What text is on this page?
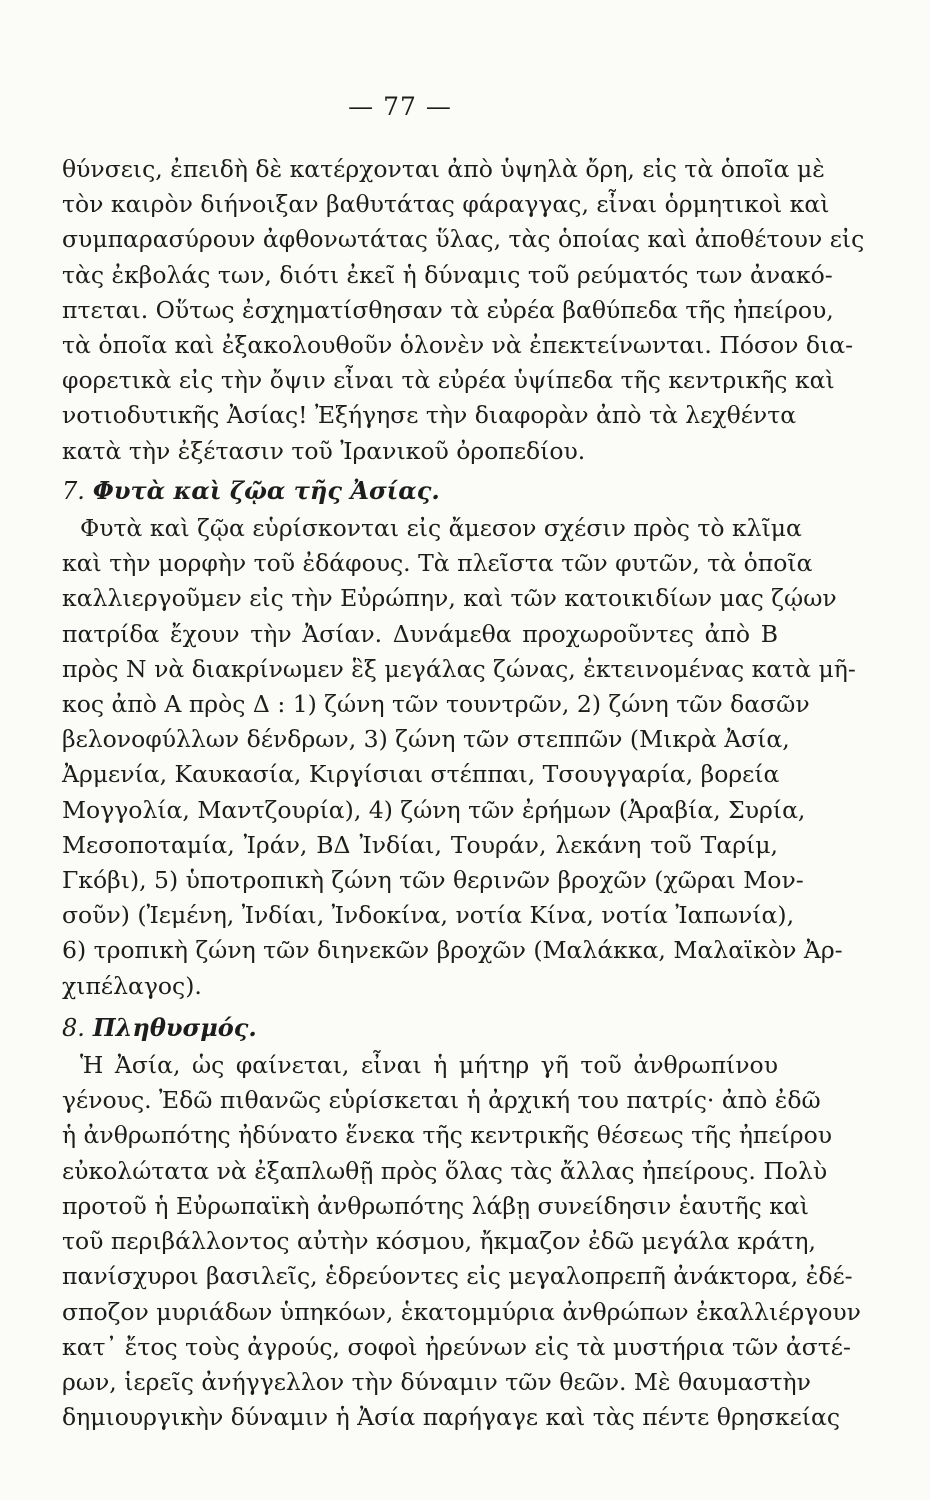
— 77 —
θύνσεις, ἐπειδὴ δὲ κατέρχονται ἀπὸ ὑψηλὰ ὄρη, εἰς τὰ ὁποῖα μὲ
τὸν καιρὸν διήνοιξαν βαθυτάτας φάραγγας, εἶναι ὁρμητικοὶ καὶ
συμπαρασύρουν ἀφθονωτάτας ὕλας, τὰς ὁποίας καὶ ἀποθέτουν εἰς
τὰς ἐκβολάς των, διότι ἐκεῖ ἡ δύναμις τοῦ ρεύματός των ἀνακό-
πτεται. Οὕτως ἐσχηματίσθησαν τὰ εὐρέα βαθύπεδα τῆς ἠπείρου,
τὰ ὁποῖα καὶ ἐξακολουθοῦν ὁλονὲν νὰ ἐπεκτείνωνται. Πόσον δια-
φορετικὰ εἰς τὴν ὄψιν εἶναι τὰ εὐρέα ὑψίπεδα τῆς κεντρικῆς καὶ
νοτιοδυτικῆς Ἀσίας! Ἐξήγησε τὴν διαφορὰν ἀπὸ τὰ λεχθέντα
κατὰ τὴν ἐξέτασιν τοῦ Ἰρανικοῦ ὀροπεδίου.
7. Φυτὰ καὶ ζῷα τῆς Ἀσίας.
Φυτὰ καὶ ζῷα εὑρίσκονται εἰς ἄμεσον σχέσιν πρὸς τὸ κλῖμα
καὶ τὴν μορφὴν τοῦ ἐδάφους. Τὰ πλεῖστα τῶν φυτῶν, τὰ ὁποῖα
καλλιεργοῦμεν εἰς τὴν Εὐρώπην, καὶ τῶν κατοικιδίων μας ζῴων
πατρίδα ἔχουν τὴν Ἀσίαν. Δυνάμεθα προχωροῦντες ἀπὸ Β
πρὸς Ν νὰ διακρίνωμεν ἓξ μεγάλας ζώνας, ἐκτεινομένας κατὰ μῆ-
κος ἀπὸ Α πρὸς Δ : 1) ζώνη τῶν τουντρῶν, 2) ζώνη τῶν δασῶν
βελονοφύλλων δένδρων, 3) ζώνη τῶν στεππῶν (Μικρὰ Ἀσία,
Ἀρμενία, Καυκασία, Κιργίσιαι στέππαι, Τσουγγαρία, βορεία
Μογγολία, Μαντζουρία), 4) ζώνη τῶν ἐρήμων (Ἀραβία, Συρία,
Μεσοποταμία, Ἰράν, ΒΔ Ἰνδίαι, Τουράν, λεκάνη τοῦ Ταρίμ,
Γκόβι), 5) ὑποτροπικὴ ζώνη τῶν θερινῶν βροχῶν (χῶραι Μον-
σοῦν) (Ἰεμένη, Ἰνδίαι, Ἰνδοκίνα, νοτία Κίνα, νοτία Ἰαπωνία),
6) τροπικὴ ζώνη τῶν διηνεκῶν βροχῶν (Μαλάκκα, Μαλαϊκὸν Ἀρ-
χιπέλαγος).
8. Πληθυσμός.
Ἡ Ἀσία, ὡς φαίνεται, εἶναι ἡ μήτηρ γῆ τοῦ ἀνθρωπίνου
γένους. Ἐδῶ πιθανῶς εὑρίσκεται ἡ ἀρχική του πατρίς· ἀπὸ ἐδῶ
ἡ ἀνθρωπότης ἠδύνατο ἕνεκα τῆς κεντρικῆς θέσεως τῆς ἠπείρου
εὐκολώτατα νὰ ἐξαπλωθῇ πρὸς ὅλας τὰς ἄλλας ἠπείρους. Πολὺ
προτοῦ ἡ Εὐρωπαϊκὴ ἀνθρωπότης λάβῃ συνείδησιν ἑαυτῆς καὶ
τοῦ περιβάλλοντος αὐτὴν κόσμου, ἤκμαζον ἐδῶ μεγάλα κράτη,
πανίσχυροι βασιλεῖς, ἑδρεύοντες εἰς μεγαλοπρεπῆ ἀνάκτορα, ἐδέ-
σποζον μυριάδων ὑπηκόων, ἑκατομμύρια ἀνθρώπων ἐκαλλιέργουν
κατ᾿ ἔτος τοὺς ἀγρούς, σοφοὶ ἠρεύνων εἰς τὰ μυστήρια τῶν ἀστέ-
ρων, ἱερεῖς ἀνήγγελλον τὴν δύναμιν τῶν θεῶν. Μὲ θαυμαστὴν
δημιουργικὴν δύναμιν ἡ Ἀσία παρήγαγε καὶ τὰς πέντε θρησκείας
